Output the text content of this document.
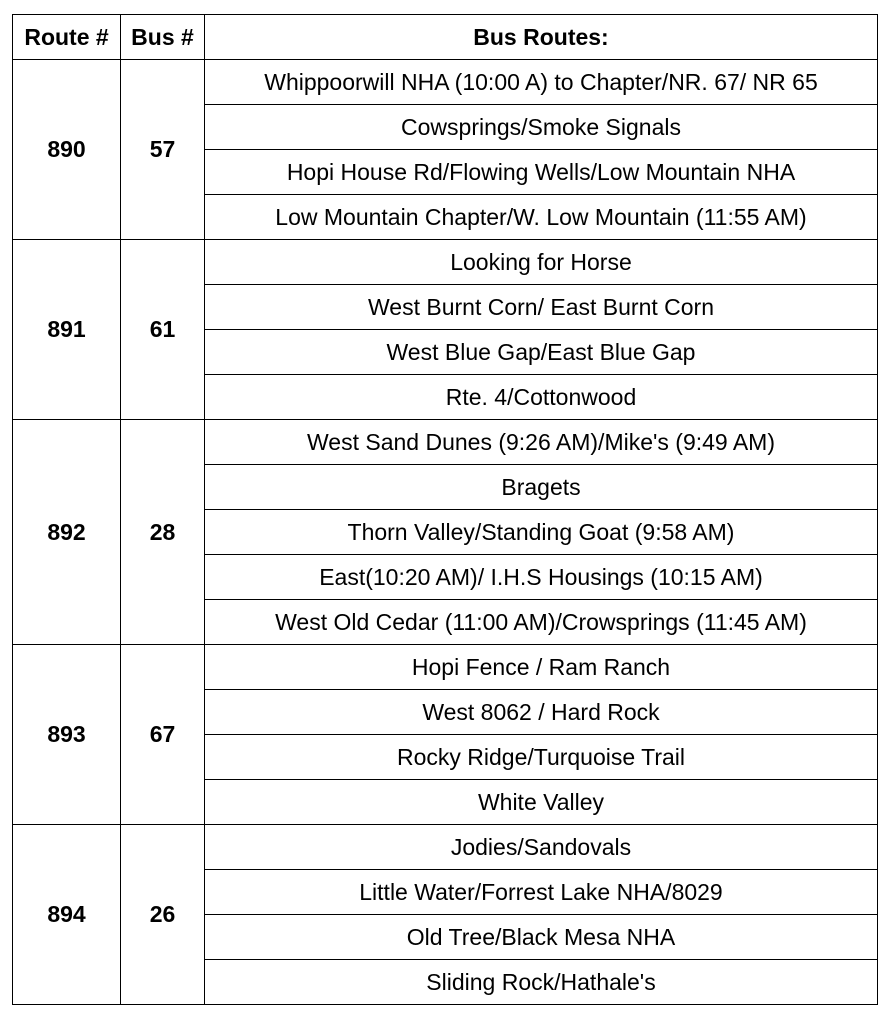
Route #	Bus #	Bus Routes:
890	57	Whippoorwill NHA (10:00 A) to Chapter/NR. 67/ NR 65
		Cowsprings/Smoke Signals
		Hopi House Rd/Flowing Wells/Low Mountain NHA
		Low Mountain Chapter/W. Low Mountain (11:55 AM)
891	61	Looking for Horse
		West Burnt Corn/ East Burnt Corn
		West Blue Gap/East Blue Gap
		Rte. 4/Cottonwood
892	28	West Sand Dunes (9:26 AM)/Mike's (9:49 AM)
		Bragets
		Thorn Valley/Standing Goat (9:58 AM)
		East(10:20 AM)/ I.H.S Housings (10:15 AM)
		West Old Cedar (11:00 AM)/Crowsprings (11:45 AM)
893	67	Hopi Fence / Ram Ranch
		West 8062 / Hard Rock
		Rocky Ridge/Turquoise Trail
		White Valley
894	26	Jodies/Sandovals
		Little Water/Forrest Lake NHA/8029
		Old Tree/Black Mesa NHA
		Sliding Rock/Hathale's
